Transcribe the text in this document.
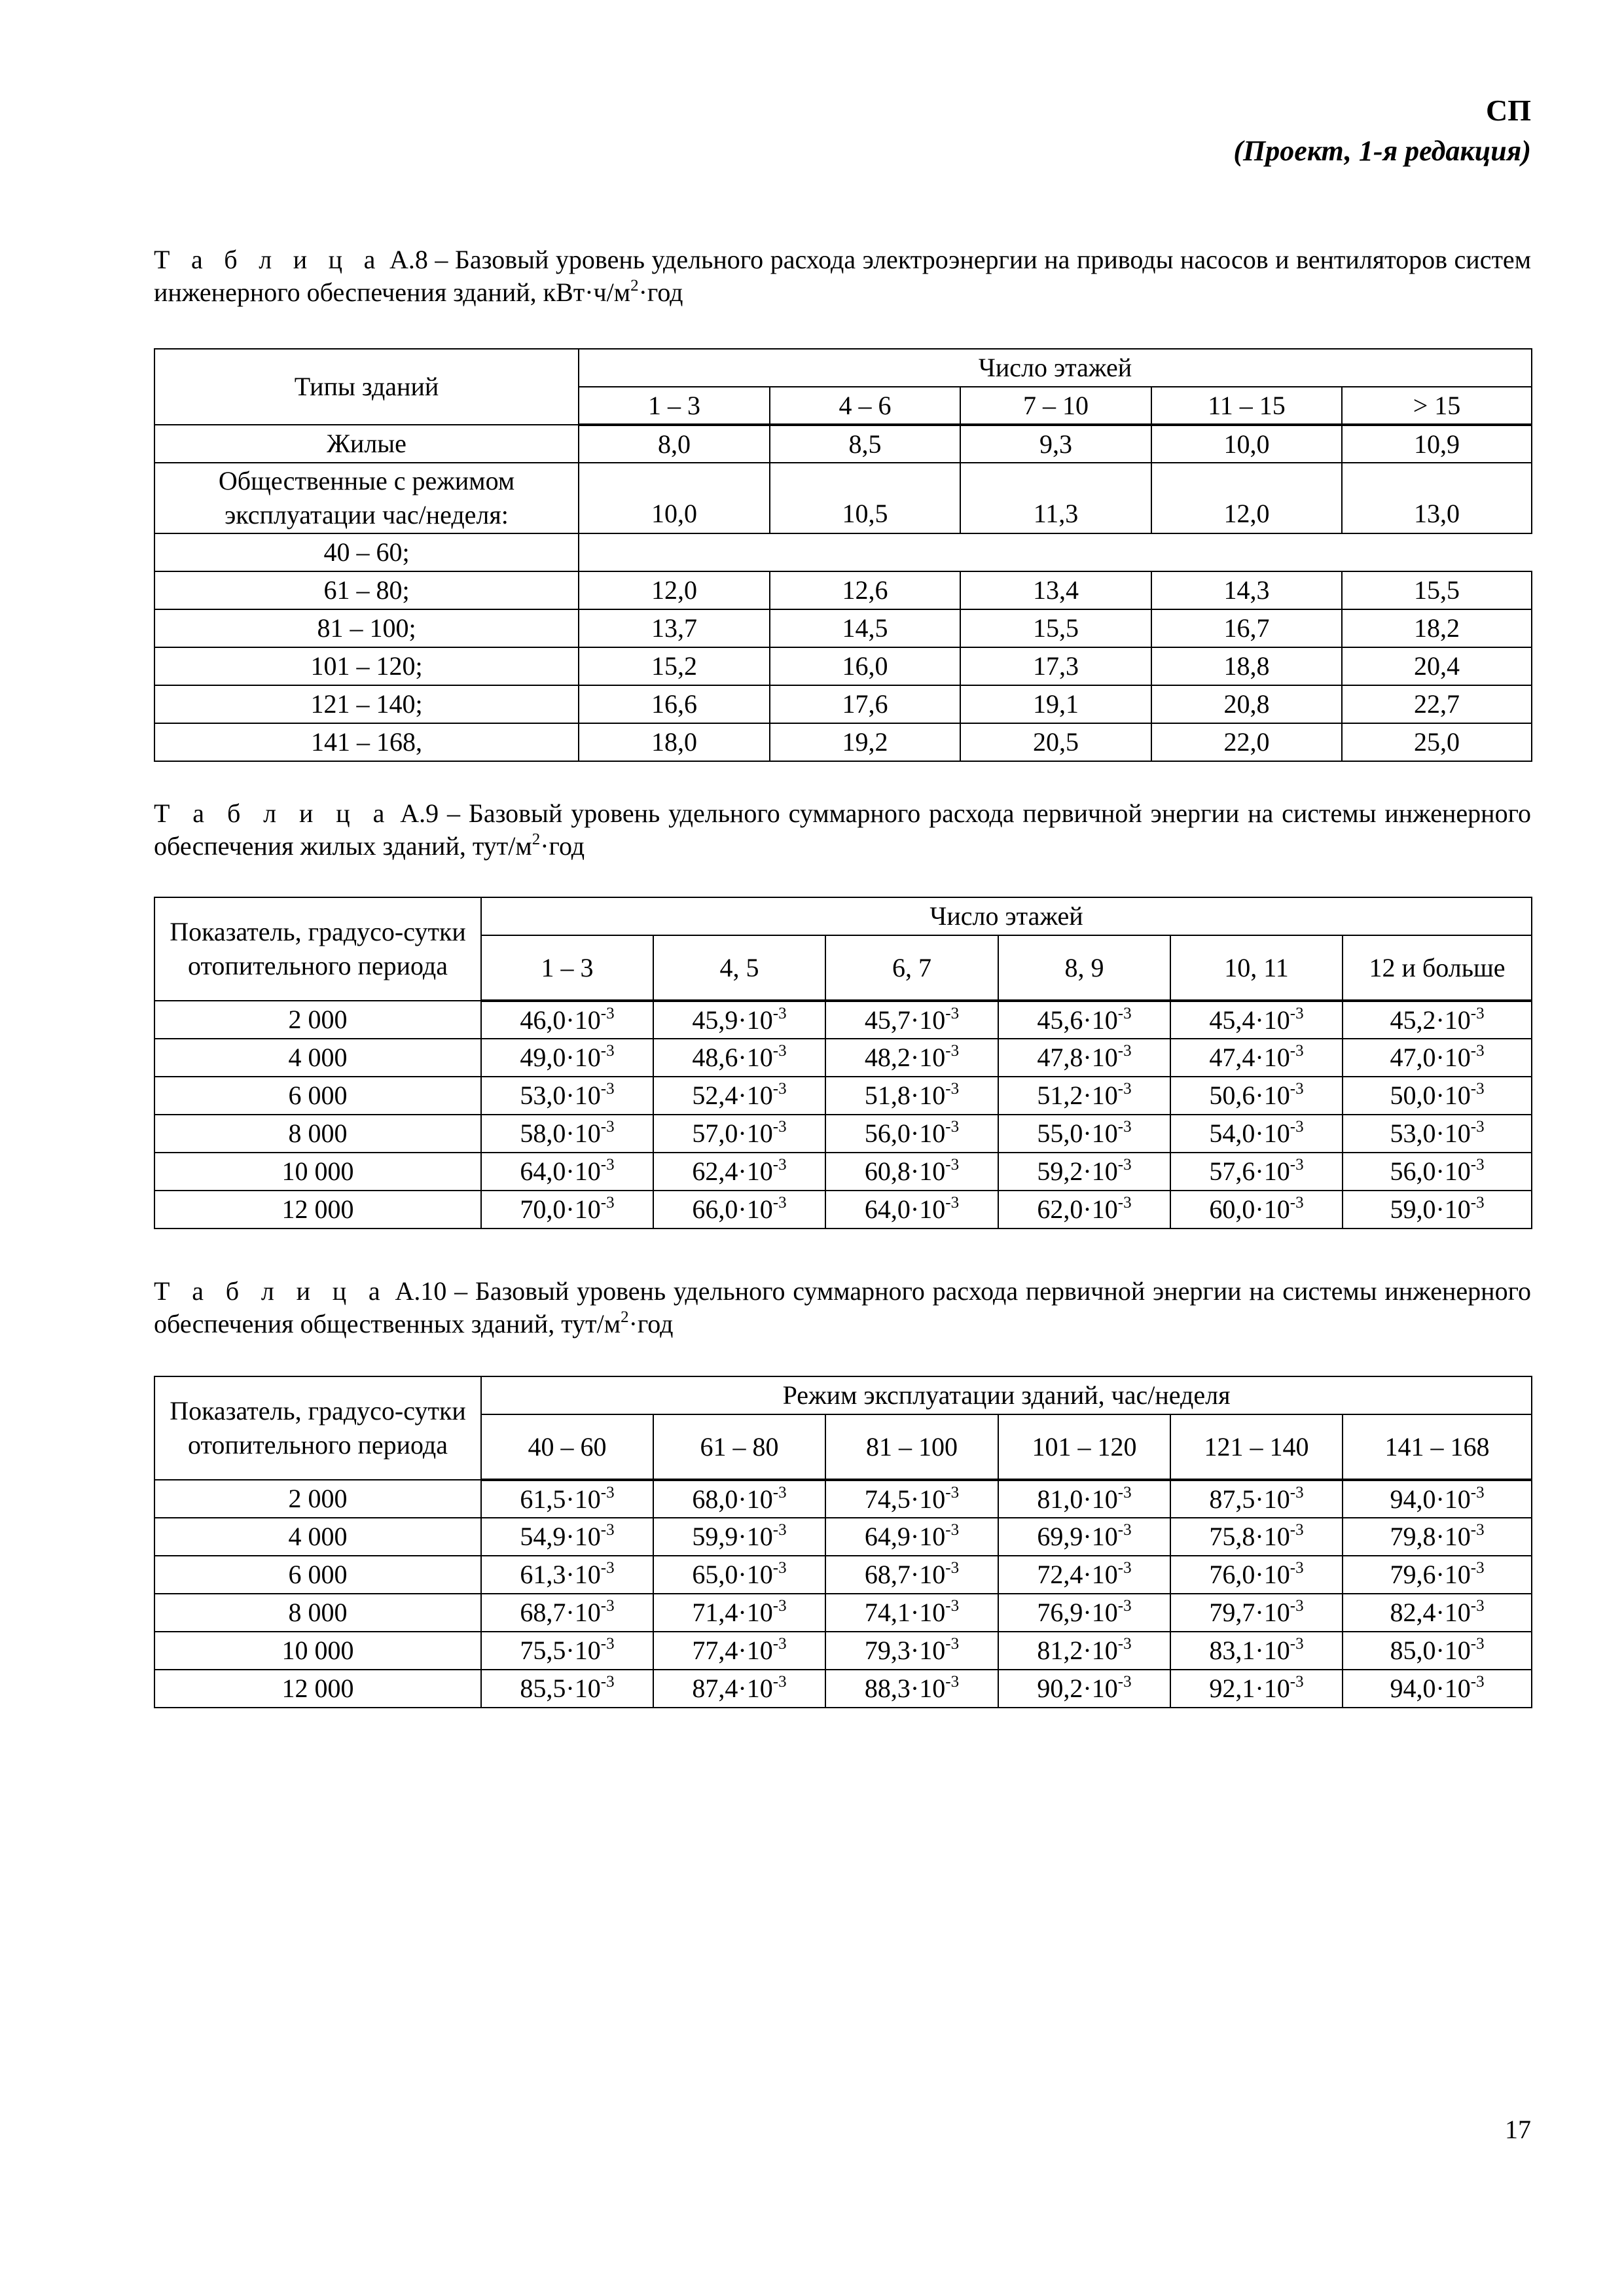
СП
(Проект, 1-я редакция)
Т а б л и ц а А.8 – Базовый уровень удельного расхода электроэнергии на приводы насосов и вентиляторов систем инженерного обеспечения зданий, $кВт\cdot ч/м^2\cdot год$
Типы зданий	Число этажей				
	1 – 3	4 – 6	7 – 10	11 – 15	> 15
Жилые	8,0	8,5	9,3	10,0	10,9
Общественные с режимом эксплуатации час/неделя:	10,0	10,5	11,3	12,0	13,0
40 – 60;					
61 – 80;	12,0	12,6	13,4	14,3	15,5
81 – 100;	13,7	14,5	15,5	16,7	18,2
101 – 120;	15,2	16,0	17,3	18,8	20,4
121 – 140;	16,6	17,6	19,1	20,8	22,7
141 – 168,	18,0	19,2	20,5	22,0	25,0
Т а б л и ц а А.9 – Базовый уровень удельного суммарного расхода первичной энергии на системы инженерного обеспечения жилых зданий, тут/$м^2\cdot год$
Показатель, градусо-сутки отопительного периода	Число этажей					
	1 – 3	4, 5	6, 7	8, 9	10, 11	12 и больше
2 000	$46,0\cdot 10^{-3}$	$45,9\cdot 10^{-3}$	$45,7\cdot 10^{-3}$	$45,6\cdot 10^{-3}$	$45,4\cdot 10^{-3}$	$45,2\cdot 10^{-3}$
4 000	$49,0\cdot 10^{-3}$	$48,6\cdot 10^{-3}$	$48,2\cdot 10^{-3}$	$47,8\cdot 10^{-3}$	$47,4\cdot 10^{-3}$	$47,0\cdot 10^{-3}$
6 000	$53,0\cdot 10^{-3}$	$52,4\cdot 10^{-3}$	$51,8\cdot 10^{-3}$	$51,2\cdot 10^{-3}$	$50,6\cdot 10^{-3}$	$50,0\cdot 10^{-3}$
8 000	$58,0\cdot 10^{-3}$	$57,0\cdot 10^{-3}$	$56,0\cdot 10^{-3}$	$55,0\cdot 10^{-3}$	$54,0\cdot 10^{-3}$	$53,0\cdot 10^{-3}$
10 000	$64,0\cdot 10^{-3}$	$62,4\cdot 10^{-3}$	$60,8\cdot 10^{-3}$	$59,2\cdot 10^{-3}$	$57,6\cdot 10^{-3}$	$56,0\cdot 10^{-3}$
12 000	$70,0\cdot 10^{-3}$	$66,0\cdot 10^{-3}$	$64,0\cdot 10^{-3}$	$62,0\cdot 10^{-3}$	$60,0\cdot 10^{-3}$	$59,0\cdot 10^{-3}$
Т а б л и ц а А.10 – Базовый уровень удельного суммарного расхода первичной энергии на системы инженерного обеспечения общественных зданий, тут/$м^2\cdot год$
Показатель, градусо-сутки отопительного периода	Режим эксплуатации зданий, час/неделя					
	40 – 60	61 – 80	81 – 100	101 – 120	121 – 140	141 – 168
2 000	$61,5\cdot 10^{-3}$	$68,0\cdot 10^{-3}$	$74,5\cdot 10^{-3}$	$81,0\cdot 10^{-3}$	$87,5\cdot 10^{-3}$	$94,0\cdot 10^{-3}$
4 000	$54,9\cdot 10^{-3}$	$59,9\cdot 10^{-3}$	$64,9\cdot 10^{-3}$	$69,9\cdot 10^{-3}$	$75,8\cdot 10^{-3}$	$79,8\cdot 10^{-3}$
6 000	$61,3\cdot 10^{-3}$	$65,0\cdot 10^{-3}$	$68,7\cdot 10^{-3}$	$72,4\cdot 10^{-3}$	$76,0\cdot 10^{-3}$	$79,6\cdot 10^{-3}$
8 000	$68,7\cdot 10^{-3}$	$71,4\cdot 10^{-3}$	$74,1\cdot 10^{-3}$	$76,9\cdot 10^{-3}$	$79,7\cdot 10^{-3}$	$82,4\cdot 10^{-3}$
10 000	$75,5\cdot 10^{-3}$	$77,4\cdot 10^{-3}$	$79,3\cdot 10^{-3}$	$81,2\cdot 10^{-3}$	$83,1\cdot 10^{-3}$	$85,0\cdot 10^{-3}$
12 000	$85,5\cdot 10^{-3}$	$87,4\cdot 10^{-3}$	$88,3\cdot 10^{-3}$	$90,2\cdot 10^{-3}$	$92,1\cdot 10^{-3}$	$94,0\cdot 10^{-3}$
17
